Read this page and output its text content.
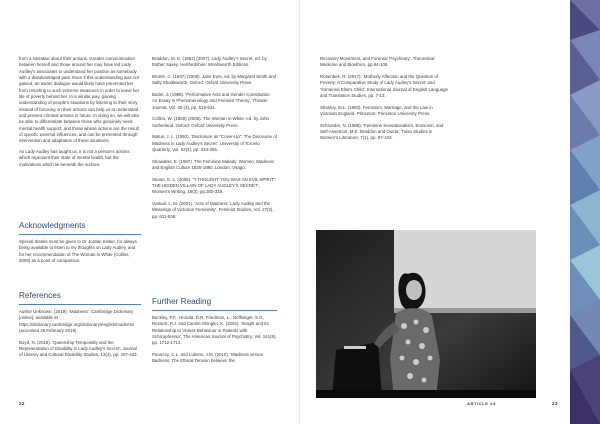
from a narrative about their actions. Greater communication between herself and those around her may have led Lady Audley's associates to understand her position as somebody with a disadvantaged past. Even if this understanding was not gained, an aware dialogue would likely have prevented her from resorting to such extreme measures in order to leave her life of poverty behind her. In a similar way, gaining understanding of people's situations by listening to their story instead of focusing on their actions can help us to understand and prevent criminal actions in future. In doing so, we will also be able to differentiate between those who genuinely need mental health support, and those whose actions are the result of specific external influences, and can be prevented through intervention and adaptation of these situations.

As Lady Audley has taught us, it is not a person's actions which represent their state of mental health, but the motivations which lie beneath the surface.

Acknowledgments

Special thanks must be given to Dr Jordan Kistler, for always being available to listen to my thoughts on Lady Audley, and for her recommendation of The Woman in White (Collins, 2008) as a point of comparison.

References

Author Unknown. (2019). 'Madness'. Cambridge Dictionary [online], available at https://dictionary.cambridge.org/dictionary/english/madness (accessed 25 February 2019).

Boyd, N. (2018). 'Queenship Temporality and the Representation of Disability in Lady Audley's Secret', Journal of Literary and Cultural Disability Studies, 13(4), pp. 407-422.

Braddon, M. E. (1862) (2007). Lady Audley's Secret, ed. by Esther Saxey. Hertfordshire: Wordsworth Editions.

Brontë, C. (1847) (2008). Jane Eyre, ed. by Margaret Smith and Sally Shuttleworth. Oxford: Oxford University Press.

Butler, J. (1988). 'Performative Acts and Gender Constitution: An Essay in Phenomenology and Feminist Theory', Theatre Journal, Vol. 40 (4), pp. 519-531.

Collins, W. (1859) (2008). The Woman in White, ed. by John Sutherland. Oxford: Oxford University Press.

Matus, J. L. (1992). 'Disclosure as "Cover-Up": The Discourse of Madness in Lady Audley's Secret', University of Toronto Quarterly, Vol. 62(3), pp. 334-355.

Showalter, E. (1987). The Feminine Malady: Women, Madness and English Culture 1830-1980. London: Virago.

Stoner, E. L. (2008). '"I THOUGHT YOU WAS AN EVIL SPIRIT": THE HIDDEN VILLAIN OF LADY AUDLEY'S SECRET', Women's Writing, 15(3), pp.300-319.

Voskuil, L. M. (2001). 'Acts of Madness: Lady Audley and the Meanings of Victorian Femininity', Feminist Studies, Vol. 27(3), pp. 611-639.

22

Recovery Movement, and Forensic Psychiatry', Theoretical Medicine and Bioethics, pp.94-105.

Rosenbek, R. (2017). 'Motherly Affection and the Question of Poverty: A Comparative Study of Lady Audley's Secret' and 'Someone Else's Child', International Journal of English Language and Translation Studies, pp. 7-13.

Shanley, M.L. (1993). Feminism, Marriage, and the Law in Victorian England. Princeton: Princeton University Press.

Schroeder, N. (1988). 'Feminine Sensationalism, Eroticism, and Self-Assertion: M.E. Braddon and Ouida', Tulsa Studies in Women's Literature, 7(1), pp. 87-103.

Further Reading

Buckley, P.F., Hrouda, D.R, Friedman, L., Noffsinger, S.G, Resnick, P.J. and Camlin-Shingler, K. (2004). 'Insight and its Relationship to Violent Behaviour in Patients with Schizophrenia', The American Journal of Psychiatry, Vol. 161(9), pp. 1712-1714.

Pouncey, C.L. and Lukens, J.M. (2010). 'Madness versus Badness: The Ethical Tension between the

ARTICLE #4	23
